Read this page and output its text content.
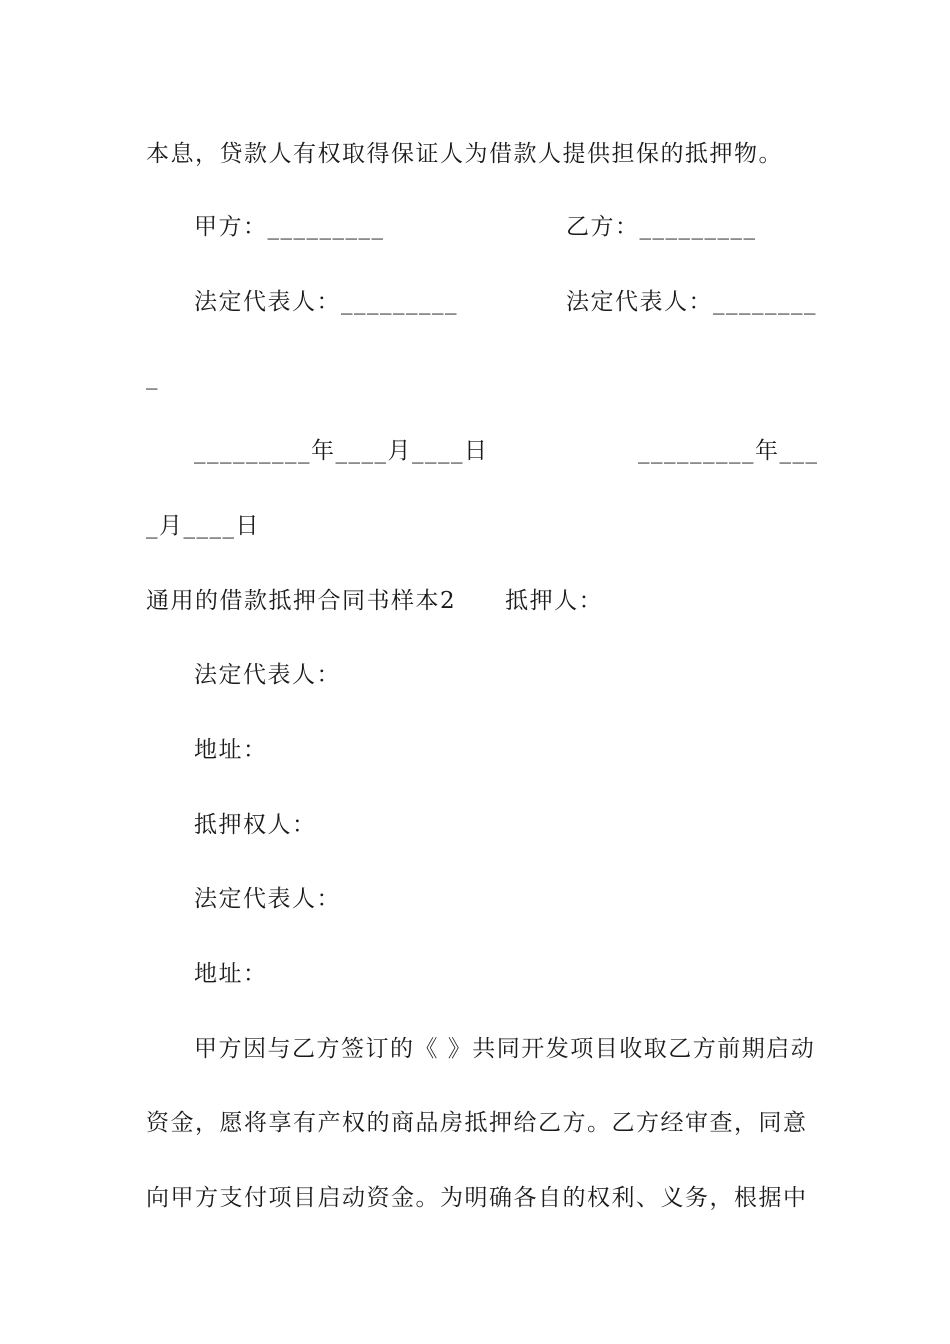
本息，贷款人有权取得保证人为借款人提供担保的抵押物。
甲方：_________	乙方：_________
法定代表人：_________	法定代表人：________
_
_________年____月____日	_________年___
_月____日
通用的借款抵押合同书样本2　　抵押人：
法定代表人：
地址：
抵押权人：
法定代表人：
地址：
甲方因与乙方签订的《 》共同开发项目收取乙方前期启动
资金，愿将享有产权的商品房抵押给乙方。乙方经审查，同意
向甲方支付项目启动资金。为明确各自的权利、义务，根据中
